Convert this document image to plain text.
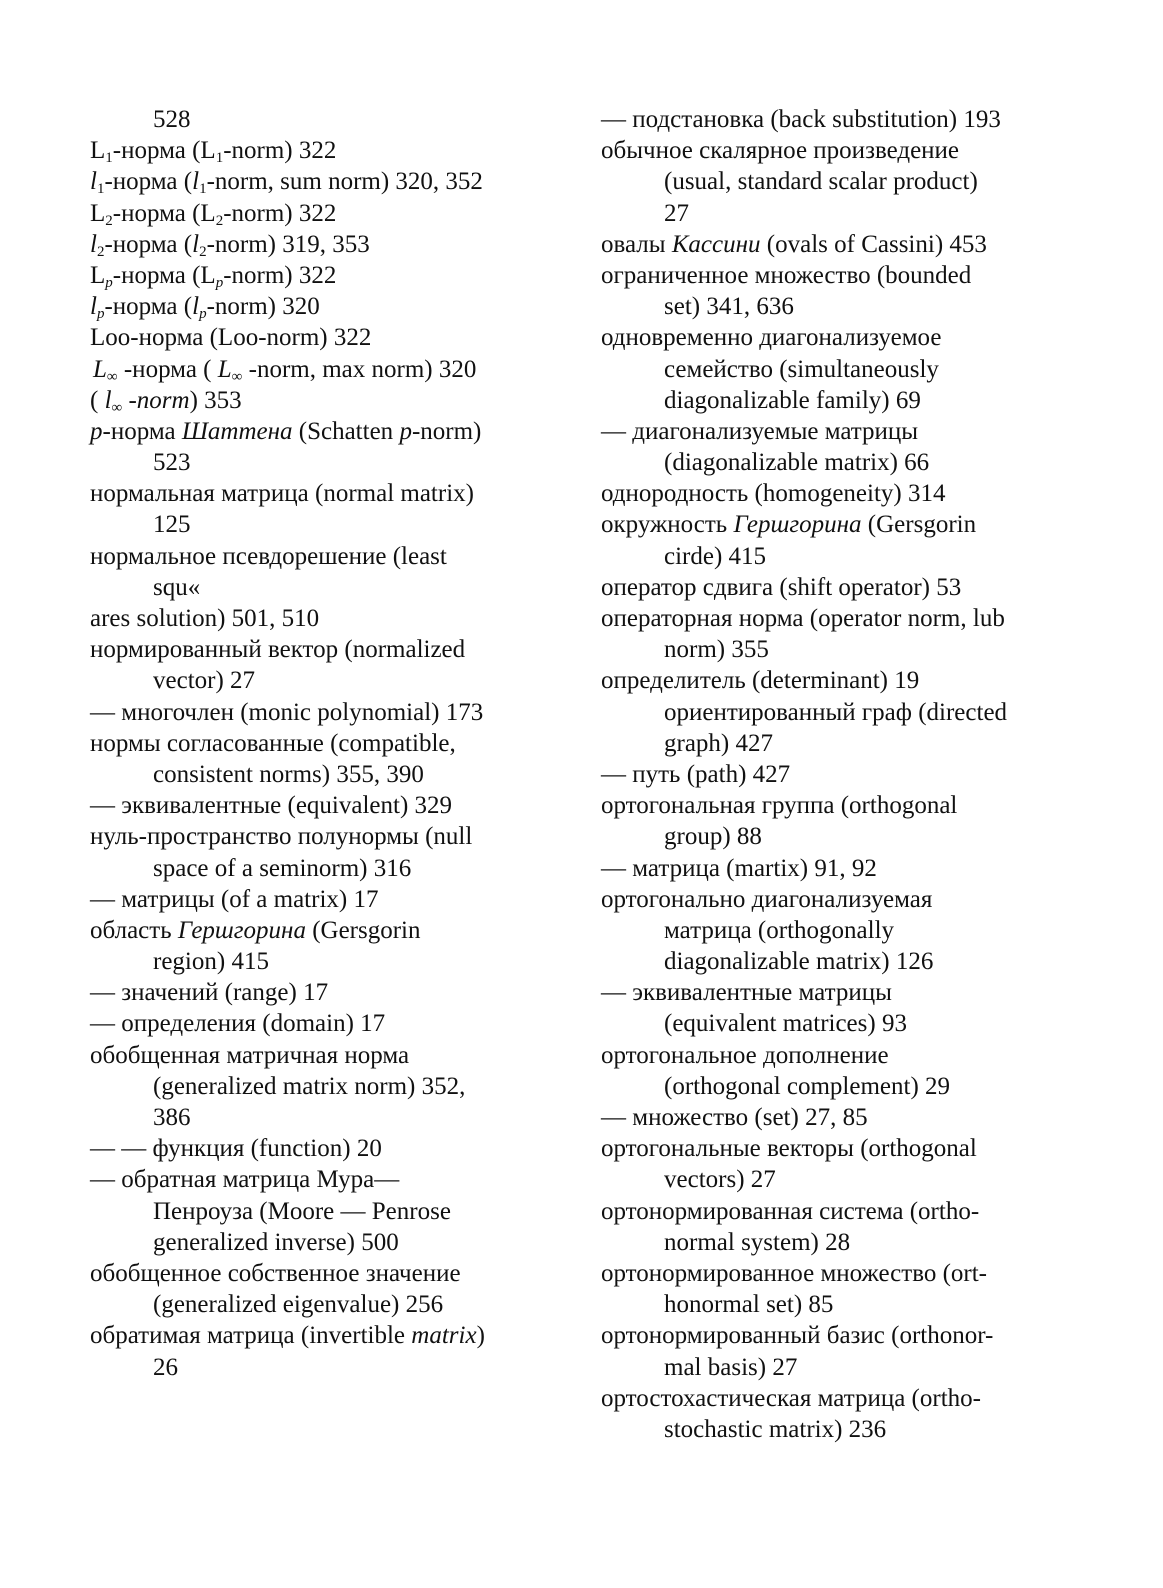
528
$L_1$-норма $(L_1-norm)$ 322
$l_1$-норма ($l_1$-norm, sum norm) 320, 352
$L_2$-норма $(L_2-norm)$ 322
$l_2$-норма $(l_2-norm)$ 319, 353
$L_p$-норма $(L_p-norm)$ 322
$l_p$-норма $(l_p-norm)$ 320
Loo-норма (Loo-norm) 322
$L_\infty$ -норма ( $L_\infty$ -norm, max norm) 320
( $l_\infty$ -norm) 353
p-норма Шаттена (Schatten p-norm)
523
нормальная матрица (normal matrix)
125
нормальное псевдорешение (least
squ«
ares solution) 501, 510
нормированный вектор (normalized
vector) 27
— многочлен (monic polynomial) 173
нормы согласованные (compatible,
consistent norms) 355, 390
— эквивалентные (equivalent) 329
нуль-пространство полунормы (null
space of a seminorm) 316
— матрицы (of a matrix) 17
область Гершгорина (Gersgorin
region) 415
— значений (range) 17
— определения (domain) 17
обобщенная матричная норма
(generalized matrix norm) 352,
386
— — функция (function) 20
— обратная матрица Мура—
Пенроуза (Moore — Penrose
generalized inverse) 500
обобщенное собственное значение
(generalized eigenvalue) 256
обратимая матрица (invertible matrix)
26
— подстановка (back substitution) 193
обычное скалярное произведение
(usual, standard scalar product)
27
овалы Кассини (ovals of Cassini) 453
ограниченное множество (bounded
set) 341, 636
одновременно диагонализуемое
семейство (simultaneously
diagonalizable family) 69
— диагонализуемые матрицы
(diagonalizable matrix) 66
однородность (homogeneity) 314
окружность Гершгорина (Gersgorin
cirde) 415
оператор сдвига (shift operator) 53
операторная норма (operator norm, lub
norm) 355
определитель (determinant) 19
ориентированный граф (directed
graph) 427
— путь (path) 427
ортогональная группа (orthogonal
group) 88
— матрица (martix) 91, 92
ортогонально диагонализуемая
матрица (orthogonally
diagonalizable matrix) 126
— эквивалентные матрицы
(equivalent matrices) 93
ортогональное дополнение
(orthogonal complement) 29
— множество (set) 27, 85
ортогональные векторы (orthogonal
vectors) 27
ортонормированная система (ortho-
normal system) 28
ортонормированное множество (ort-
honormal set) 85
ортонормированный базис (orthonor-
mal basis) 27
ортостохастическая матрица (ortho-
stochastic matrix) 236
